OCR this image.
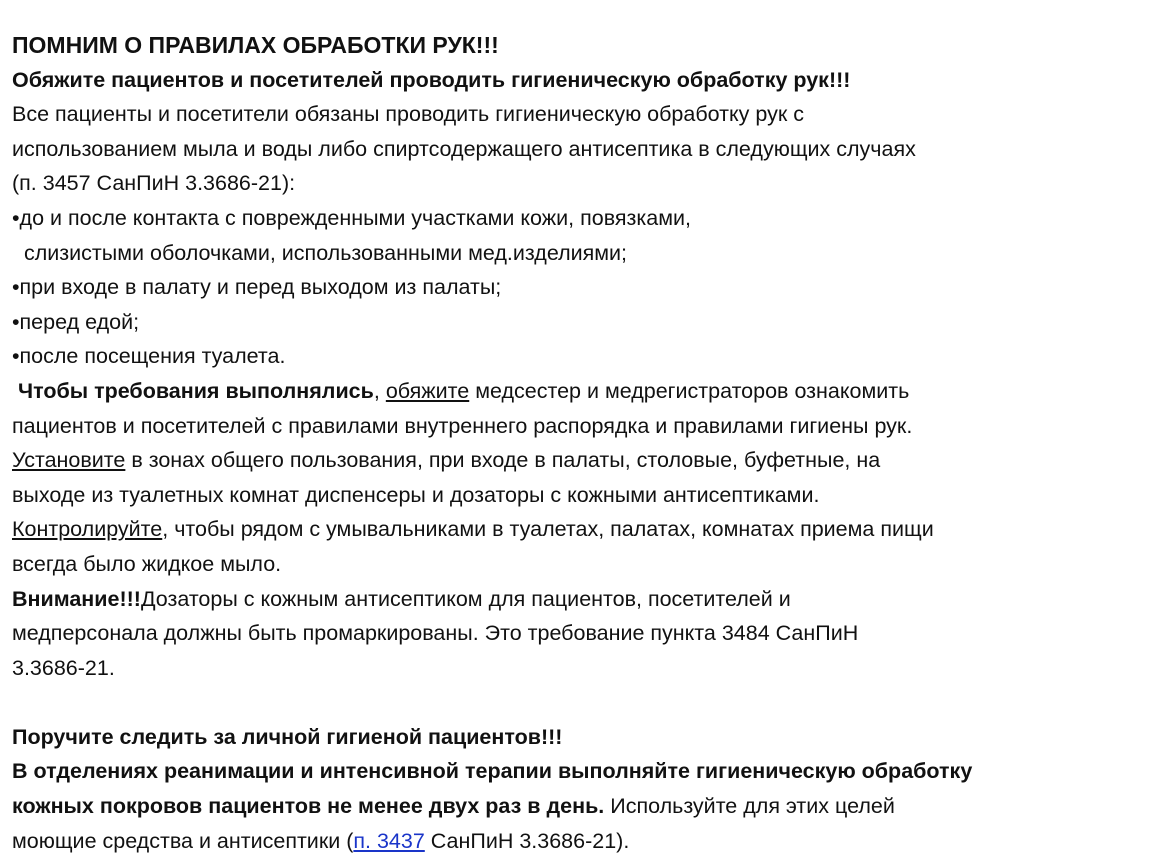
ПОМНИМ О ПРАВИЛАХ ОБРАБОТКИ РУК!!!
Обяжите пациентов и посетителей проводить гигиеническую обработку рук!!!
Все пациенты и посетители обязаны проводить гигиеническую обработку рук с
использованием мыла и воды либо спиртсодержащего антисептика в следующих случаях
(п. 3457 СанПиН 3.3686-21):
•до и после контакта с поврежденными участками кожи, повязками,
слизистыми оболочками, использованными мед.изделиями;
•при входе в палату и перед выходом из палаты;
•перед едой;
•после посещения туалета.
Чтобы требования выполнялись, обяжите медсестер и медрегистраторов ознакомить
пациентов и посетителей с правилами внутреннего распорядка и правилами гигиены рук.
Установите в зонах общего пользования, при входе в палаты, столовые, буфетные, на
выходе из туалетных комнат диспенсеры и дозаторы с кожными антисептиками.
Контролируйте, чтобы рядом с умывальниками в туалетах, палатах, комнатах приема пищи
всегда было жидкое мыло.
Внимание!!!Дозаторы с кожным антисептиком для пациентов, посетителей и
медперсонала должны быть промаркированы. Это требование пункта 3484 СанПиН
3.3686-21.
Поручите следить за личной гигиеной пациентов!!!
В отделениях реанимации и интенсивной терапии выполняйте гигиеническую обработку
кожных покровов пациентов не менее двух раз в день. Используйте для этих целей
моющие средства и антисептики (п. 3437 СанПиН 3.3686-21).
